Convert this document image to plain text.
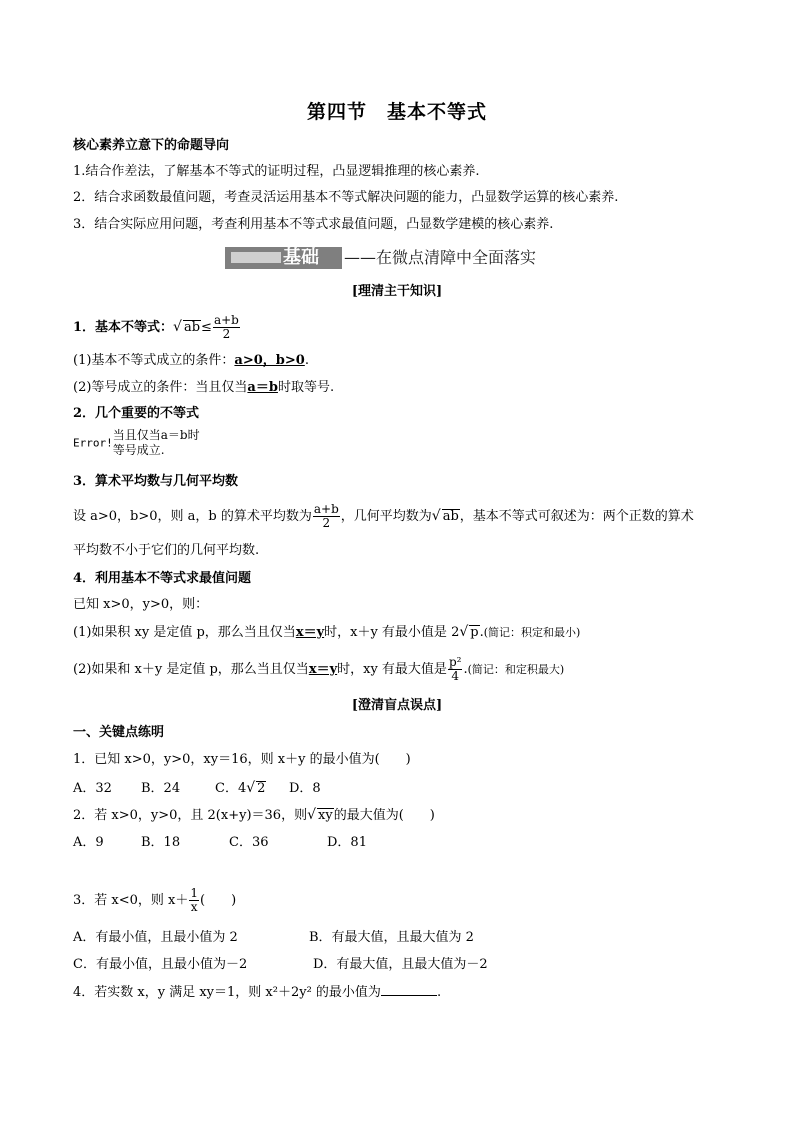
第四节　基本不等式
核心素养立意下的命题导向
1.结合作差法，了解基本不等式的证明过程，凸显逻辑推理的核心素养.
2．结合求函数最值问题，考查灵活运用基本不等式解决问题的能力，凸显数学运算的核心素养.
3．结合实际应用问题，考查利用基本不等式求最值问题，凸显数学建模的核心素养.
基础 ——在微点清障中全面落实
[理清主干知识]
1．基本不等式：√ $ab\le \frac{a+b}{2}$
(1)基本不等式成立的条件：a>0，b>0.
(2)等号成立的条件：当且仅当a＝b时取等号.
2．几个重要的不等式
Error!
当且仅当a＝b时
等号成立.
3．算术平均数与几何平均数
设 a>0，b>0，则 a，b 的算术平均数为 $\frac{a+b}{2}$ ，几何平均数为√ ab，基本不等式可叙述为：两个正数的算术
平均数不小于它们的几何平均数.
4．利用基本不等式求最值问题
已知 x>0，y>0，则：
(1)如果积 xy 是定值 p，那么当且仅当x＝y时，x＋y 有最小值是 2√ p.(简记：积定和最小)
(2)如果和 x＋y 是定值 p，那么当且仅当x＝y时，xy 有最大值是 $\frac{\text{p²}}{4}$ .(简记：和定积最大)
[澄清盲点误点]
一、关键点练明
1．已知 x>0，y>0，xy＝16，则 x＋y 的最小值为(　　)
A．32 B．24	C．4√ 2 D．8
2．若 x>0，y>0，且 2(x+y)＝36，则√ xy的最大值为(　　)
A．9	B．18	C．36	D．81
3．若 x<0，则 $x+ \frac{1}{x}$ (　　)
A．有最小值，且最小值为 2	B．有最大值，且最大值为 2
C．有最小值，且最小值为－2	D．有最大值，且最大值为－2
4．若实数 x，y 满足 xy＝1，则 x²＋2y² 的最小值为	.
